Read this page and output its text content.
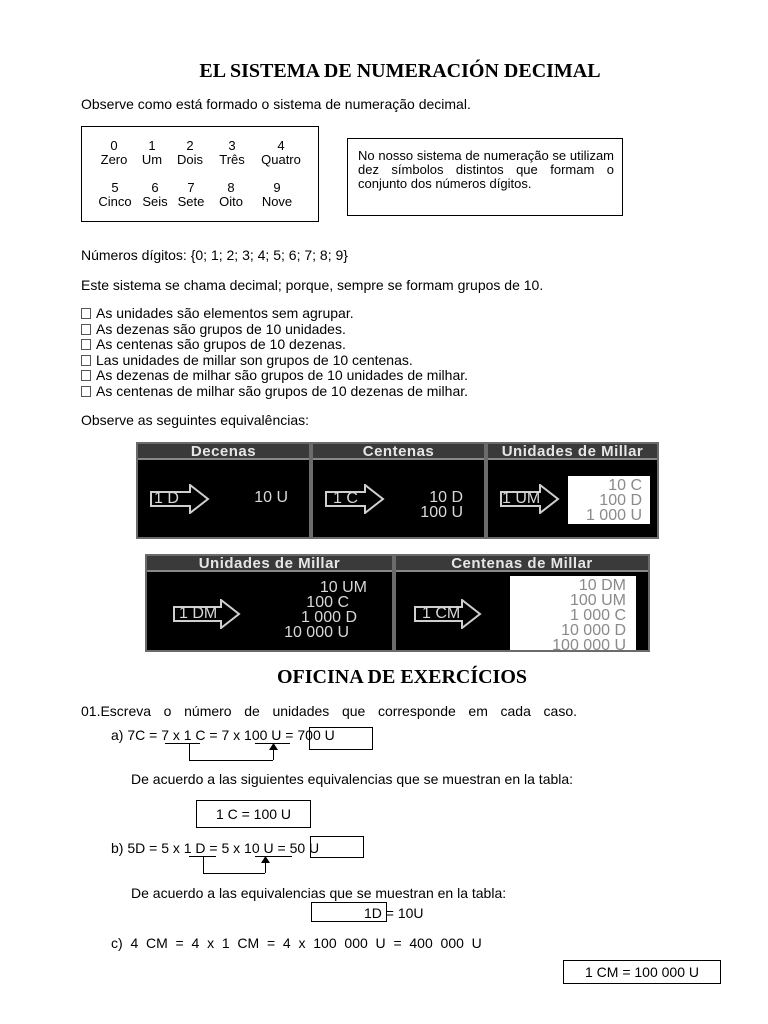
EL SISTEMA DE NUMERACIÓN DECIMAL
Observe como está formado o sistema de numeração decimal.
0
Zero
1
Um
2
Dois
3
Três
4
Quatro
5
Cinco
6
Seis
7
Sete
8
Oito
9
Nove
No nosso sistema de numeração se utilizam dez símbolos distintos que formam o conjunto dos números dígitos.
Números dígitos: {0; 1; 2; 3; 4; 5; 6; 7; 8; 9}
Este sistema se chama decimal; porque, sempre se formam grupos de 10.
As unidades são elementos sem agrupar.
As dezenas são grupos de 10 unidades.
As centenas são grupos de 10 dezenas.
Las unidades de millar son grupos de 10 centenas.
As dezenas de milhar são grupos de 10 unidades de milhar.
As centenas de milhar são grupos de 10 dezenas de milhar.
Observe as seguintes equivalências:
Decenas
1 D	10 U
Centenas
1 C	10 D
100 U
Unidades de Millar
1 UM
10 C
100 D
1 000 U
Unidades de Millar
1 DM
10 UM
100 C
1 000 D
10 000 U
Centenas de Millar
1 CM
10 DM
100 UM
1 000 C
10 000 D
100 000 U
OFICINA DE EXERCÍCIOS
01.Escreva o número de unidades que corresponde em cada caso.
a) 7C = 7 x 1 C = 7 x 100 U = 700 U
De acuerdo a las siguientes equivalencias que se muestran en la tabla:
1 C = 100 U
b) 5D = 5 x 1 D = 5 x 10 U = 50 U
De acuerdo a las equivalencias que se muestran en la tabla:
1D = 10U
c)  4  CM  =  4  x  1  CM  =  4  x  100  000  U  =  400  000  U
1 CM = 100 000 U
